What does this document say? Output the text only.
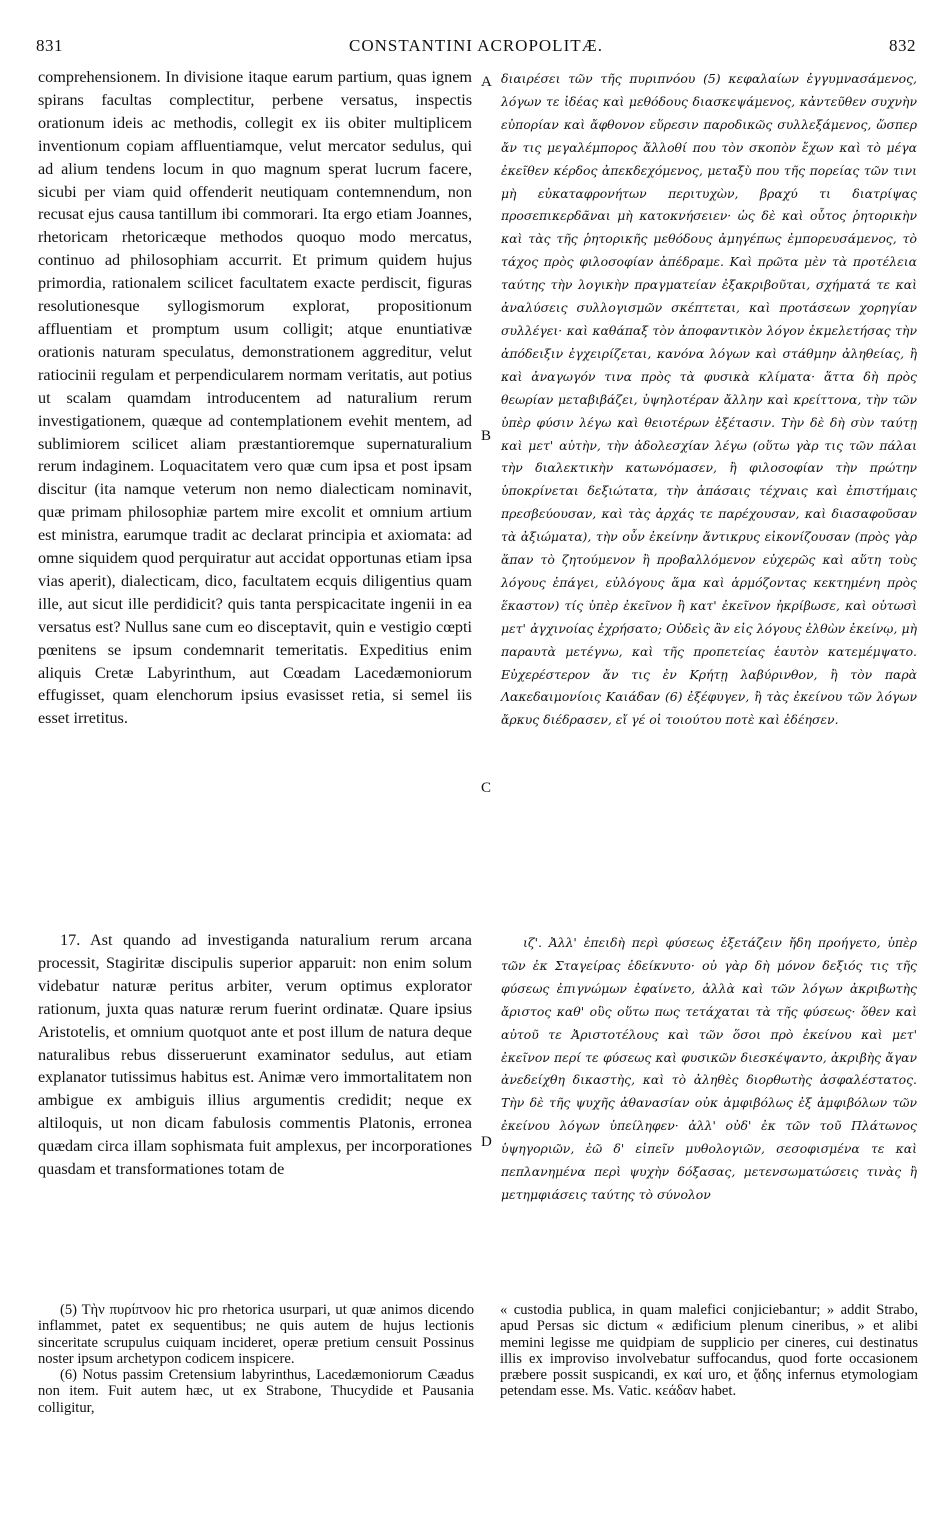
831	CONSTANTINI ACROPOLITÆ.	832

comprehensionem. In divisione itaque earum partium, quas ignem spirans facultas complectitur, perbene versatus, inspectis orationum ideis ac methodis, collegit ex iis obiter multiplicem inventionum copiam affluentiamque, velut mercator sedulus, qui ad alium tendens locum in quo magnum sperat lucrum facere, sicubi per viam quid offenderit neutiquam contemnendum, non recusat ejus causa tantillum ibi commorari. Ita ergo etiam Joannes, rhetoricam rhetoricæque methodos quoquo modo mercatus, continuo ad philosophiam accurrit. Et primum quidem hujus primordia, rationalem scilicet facultatem exacte perdiscit, figuras resolutionesque syllogismorum explorat, propositionum affluentiam et promptum usum colligit; atque enuntiativæ orationis naturam speculatus, demonstrationem aggreditur, velut ratiocinii regulam et perpendicularem normam veritatis, aut potius ut scalam quamdam introducentem ad naturalium rerum investigationem, quæque ad contemplationem evehit mentem, ad sublimiorem scilicet aliam præstantioremque supernaturalium rerum indaginem. Loquacitatem vero quæ cum ipsa et post ipsam discitur (ita namque veterum non nemo dialecticam nominavit, quæ primam philosophiæ partem mire excolit et omnium artium est ministra, earumque tradit ac declarat principia et axiomata: ad omne siquidem quod perquiratur aut accidat opportunas etiam ipsa vias aperit), dialecticam, dico, facultatem ecquis diligentius quam ille, aut sicut ille perdidicit? quis tanta perspicacitate ingenii in ea versatus est? Nullus sane cum eo disceptavit, quin e vestigio cœpti pœnitens se ipsum condemnarit temeritatis. Expeditius enim aliquis Cretæ Labyrinthum, aut Cœadam Lacedæmoniorum effugisset, quam elenchorum ipsius evasisset retia, si semel iis esset irretitus.

17. Ast quando ad investiganda naturalium rerum arcana processit, Stagiritæ discipulis superior apparuit: non enim solum videbatur naturæ peritus arbiter, verum optimus explorator rationum, juxta quas naturæ rerum fuerint ordinatæ. Quare ipsius Aristotelis, et omnium quotquot ante et post illum de natura deque naturalibus rebus disseruerunt examinator sedulus, aut etiam explanator tutissimus habitus est. Animæ vero immortalitatem non ambigue ex ambiguis illius argumentis credidit; neque ex altiloquis, ut non dicam fabulosis commentis Platonis, erronea quædam circa illam sophismata fuit amplexus, per incorporationes quasdam et transformationes totam de

διαιρέσει τῶν τῆς πυριπνόου (5) κεφαλαίων ἐγγυμνασάμενος, λόγων τε ἰδέας καὶ μεθόδους διασκεψάμενος, κἀντεῦθεν συχνὴν εὐπορίαν καὶ ἄφθονον εὕρεσιν παροδικῶς συλλεξάμενος, ὥσπερ ἄν τις μεγαλέμπορος ἄλλοθί που τὸν σκοπὸν ἔχων καὶ τὸ μέγα ἐκεῖθεν κέρδος ἀπεκδεχόμενος, μεταξὺ που τῆς πορείας τῶν τινι μὴ εὐκαταφρονήτων περιτυχὼν, βραχύ τι διατρίψας προσεπικερδᾶναι μὴ κατοκνήσειεν· ὡς δὲ καὶ οὗτος ῥητορικὴν καὶ τὰς τῆς ῥητορικῆς μεθόδους ἀμηγέπως ἐμπορευσάμενος, τὸ τάχος πρὸς φιλοσοφίαν ἀπέδραμε. Καὶ πρῶτα μὲν τὰ προτέλεια ταύτης τὴν λογικὴν πραγματείαν ἐξακριβοῦται, σχήματά τε καὶ ἀναλύσεις συλλογισμῶν σκέπτεται, καὶ προτάσεων χορηγίαν συλλέγει· καὶ καθάπαξ τὸν ἀποφαντικὸν λόγον ἐκμελετήσας τὴν ἀπόδειξιν ἐγχειρίζεται, κανόνα λόγων καὶ στάθμην ἀληθείας, ἢ καὶ ἀναγωγόν τινα πρὸς τὰ φυσικὰ κλίματα· ἅττα δὴ πρὸς θεωρίαν μεταβιβάζει, ὑψηλοτέραν ἄλλην καὶ κρείττονα, τὴν τῶν ὑπὲρ φύσιν λέγω καὶ θειοτέρων ἐξέτασιν. Τὴν δὲ δὴ σὺν ταύτῃ καὶ μετ' αὐτὴν, τὴν ἀδολεσχίαν λέγω (οὕτω γὰρ τις τῶν πάλαι τὴν διαλεκτικὴν κατωνόμασεν, ἢ φιλοσοφίαν τὴν πρώτην ὑποκρίνεται δεξιώτατα, τὴν ἁπάσαις τέχναις καὶ ἐπιστήμαις πρεσβεύουσαν, καὶ τὰς ἀρχάς τε παρέχουσαν, καὶ διασαφοῦσαν τὰ ἀξιώματα), τὴν οὖν ἐκείνην ἄντικρυς εἰκονίζουσαν (πρὸς γὰρ ἅπαν τὸ ζητούμενον ἢ προβαλλόμενον εὐχερῶς καὶ αὕτη τοὺς λόγους ἐπάγει, εὐλόγους ἅμα καὶ ἁρμόζοντας κεκτημένη πρὸς ἕκαστον) τίς ὑπὲρ ἐκεῖνον ἢ κατ' ἐκεῖνον ἠκρίβωσε, καὶ οὑτωσὶ μετ' ἀγχινοίας ἐχρήσατο; Οὐδεὶς ἂν εἰς λόγους ἐλθὼν ἐκείνῳ, μὴ παραυτὰ μετέγνω, καὶ τῆς προπετείας ἑαυτὸν κατεμέμψατο. Εὐχερέστερον ἄν τις ἐν Κρήτῃ λαβύρινθον, ἢ τὸν παρὰ Λακεδαιμονίοις Καιάδαν (6) ἐξέφυγεν, ἢ τὰς ἐκείνου τῶν λόγων ἄρκυς διέδρασεν, εἴ γέ οἱ τοιούτου ποτὲ καὶ ἐδέησεν.

ιζ'. Ἀλλ' ἐπειδὴ περὶ φύσεως ἐξετάζειν ἤδη προήγετο, ὑπὲρ τῶν ἐκ Σταγείρας ἐδείκνυτο· οὐ γὰρ δὴ μόνον δεξιός τις τῆς φύσεως ἐπιγνώμων ἐφαίνετο, ἀλλὰ καὶ τῶν λόγων ἀκριβωτὴς ἄριστος καθ' οὓς οὕτω πως τετάχαται τὰ τῆς φύσεως· ὅθεν καὶ αὐτοῦ τε Ἀριστοτέλους καὶ τῶν ὅσοι πρὸ ἐκείνου καὶ μετ' ἐκεῖνον περί τε φύσεως καὶ φυσικῶν διεσκέψαντο, ἀκριβὴς ἄγαν ἀνεδείχθη δικαστὴς, καὶ τὸ ἀληθὲς διορθωτὴς ἀσφαλέστατος. Τὴν δὲ τῆς ψυχῆς ἀθανασίαν οὐκ ἀμφιβόλως ἐξ ἀμφιβόλων τῶν ἐκείνου λόγων ὑπείληφεν· ἀλλ' οὐδ' ἐκ τῶν τοῦ Πλάτωνος ὑψηγοριῶν, ἐῶ δ' εἰπεῖν μυθολογιῶν, σεσοφισμένα τε καὶ πεπλανημένα περὶ ψυχὴν δόξασας, μετενσωματώσεις τινὰς ἢ μετημφιάσεις ταύτης τὸ σύνολον

A
B
C
D

(5) Τὴν πυρίπνοον hic pro rhetorica usurpari, ut quæ animos dicendo inflammet, patet ex sequentibus; ne quis autem de hujus lectionis sinceritate scrupulus cuiquam incideret, operæ pretium censuit Possinus noster ipsum archetypon codicem inspicere.

(6) Notus passim Cretensium labyrinthus, Lacedæmoniorum Cæadus non item. Fuit autem hæc, ut ex Strabone, Thucydide et Pausania colligitur,

« custodia publica, in quam malefici conjiciebantur; » addit Strabo, apud Persas sic dictum « ædificium plenum cineribus, » et alibi memini legisse me quidpiam de supplicio per cineres, cui destinatus illis ex improviso involvebatur suffocandus, quod forte occasionem præbere possit suspicandi, ex καί uro, et ᾅδης infernus etymologiam petendam esse. Ms. Vatic. κεάδαν habet.
